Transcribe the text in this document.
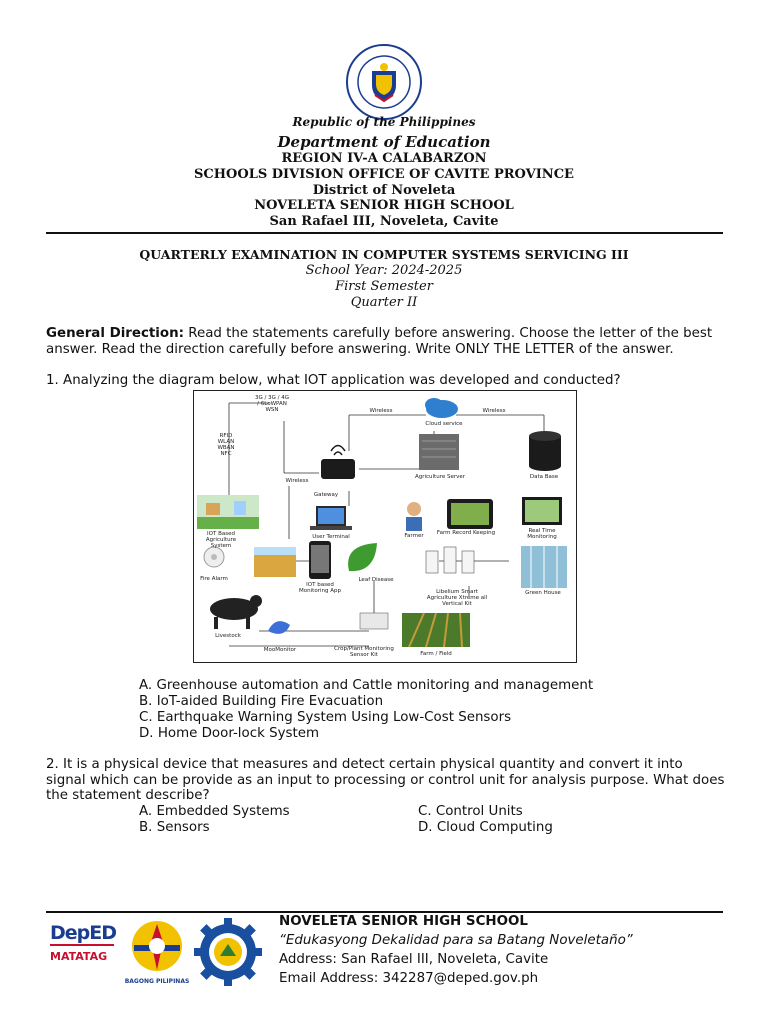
Republic of the Philippines
Department of Education
REGION IV-A CALABARZON
SCHOOLS DIVISION OFFICE OF CAVITE PROVINCE
District of Noveleta
NOVELETA SENIOR HIGH SCHOOL
San Rafael III, Noveleta, Cavite
QUARTERLY EXAMINATION IN COMPUTER SYSTEMS SERVICING III
School Year: 2024-2025
First Semester
Quarter II
General Direction: Read the statements carefully before answering. Choose the letter of the best answer. Read the direction carefully before answering. Write ONLY THE LETTER of the answer.
1. Analyzing the diagram below, what IOT application was developed and conducted?
3G / 3G / 4G / 6LoWPAN WSN
RFID WLAN WBAN NFC
Wireless	Wireless
Cloud service
Wireless
Gateway
Agriculture Server	Data Base
IOT Based Agriculture System
User Terminal	Farmer	Farm Record Keeping	Real Time Monitoring
Fire Alarm
IOT based Monitoring App
Leaf Disease
Libelium Smart Agriculture Xtreme all Vertical Kit
Green House
Livestock
MooMonitor	Crop/Plant Monitoring Sensor Kit	Farm / Field
A. Greenhouse automation and Cattle monitoring and management
B. IoT-aided Building Fire Evacuation
C. Earthquake Warning System Using Low-Cost Sensors
D. Home Door-lock System
2. It is a physical device that measures and detect certain physical quantity and convert it into signal which can be provide as an input to processing or control unit for analysis purpose. What does the statement describe?
A. Embedded Systems
B. Sensors
C. Control Units
D. Cloud Computing
DepED
MATATAG
BAGONG PILIPINAS
NOVELETA SENIOR HIGH SCHOOL
“Edukasyong Dekalidad para sa Batang Noveletaño”
Address: San Rafael III, Noveleta, Cavite
Email Address: 342287@deped.gov.ph
